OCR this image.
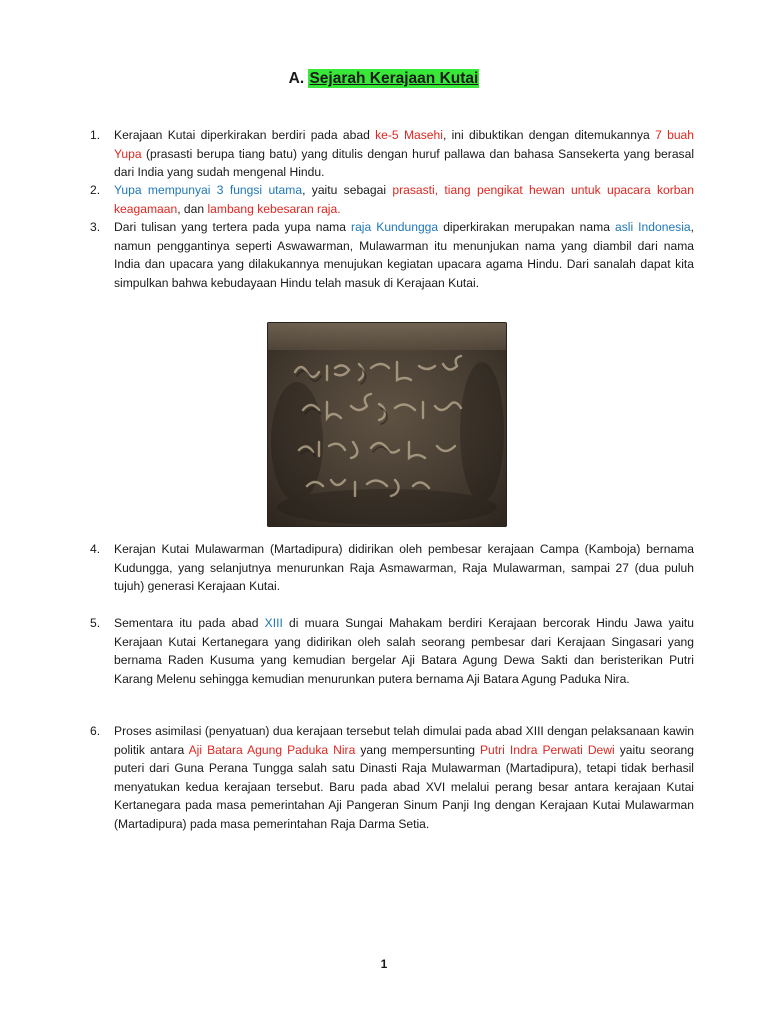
A. Sejarah Kerajaan Kutai
1.	Kerajaan Kutai diperkirakan berdiri pada abad ke-5 Masehi, ini dibuktikan dengan ditemukannya 7 buah Yupa (prasasti berupa tiang batu) yang ditulis dengan huruf pallawa dan bahasa Sansekerta yang berasal dari India yang sudah mengenal Hindu.
2.	Yupa mempunyai 3 fungsi utama, yaitu sebagai prasasti, tiang pengikat hewan untuk upacara korban keagamaan, dan lambang kebesaran raja.
3.	Dari tulisan yang tertera pada yupa nama raja Kundungga diperkirakan merupakan nama asli Indonesia, namun penggantinya seperti Aswawarman, Mulawarman itu menunjukan nama yang diambil dari nama India dan upacara yang dilakukannya menujukan kegiatan upacara agama Hindu. Dari sanalah dapat kita simpulkan bahwa kebudayaan Hindu telah masuk di Kerajaan Kutai.
4.	Kerajan Kutai Mulawarman (Martadipura) didirikan oleh pembesar kerajaan Campa (Kamboja) bernama Kudungga, yang selanjutnya menurunkan Raja Asmawarman, Raja Mulawarman, sampai 27 (dua puluh tujuh) generasi Kerajaan Kutai.
5.	Sementara itu pada abad XIII di muara Sungai Mahakam berdiri Kerajaan bercorak Hindu Jawa yaitu Kerajaan Kutai Kertanegara yang didirikan oleh salah seorang pembesar dari Kerajaan Singasari yang bernama Raden Kusuma yang kemudian bergelar Aji Batara Agung Dewa Sakti dan beristerikan Putri Karang Melenu sehingga kemudian menurunkan putera bernama Aji Batara Agung Paduka Nira.
6.	Proses asimilasi (penyatuan) dua kerajaan tersebut telah dimulai pada abad XIII dengan pelaksanaan kawin politik antara Aji Batara Agung Paduka Nira yang mempersunting Putri Indra Perwati Dewi yaitu seorang puteri dari Guna Perana Tungga salah satu Dinasti Raja Mulawarman (Martadipura), tetapi tidak berhasil menyatukan kedua kerajaan tersebut. Baru pada abad XVI melalui perang besar antara kerajaan Kutai Kertanegara pada masa pemerintahan Aji Pangeran Sinum Panji Ing dengan Kerajaan Kutai Mulawarman (Martadipura) pada masa pemerintahan Raja Darma Setia.
1
